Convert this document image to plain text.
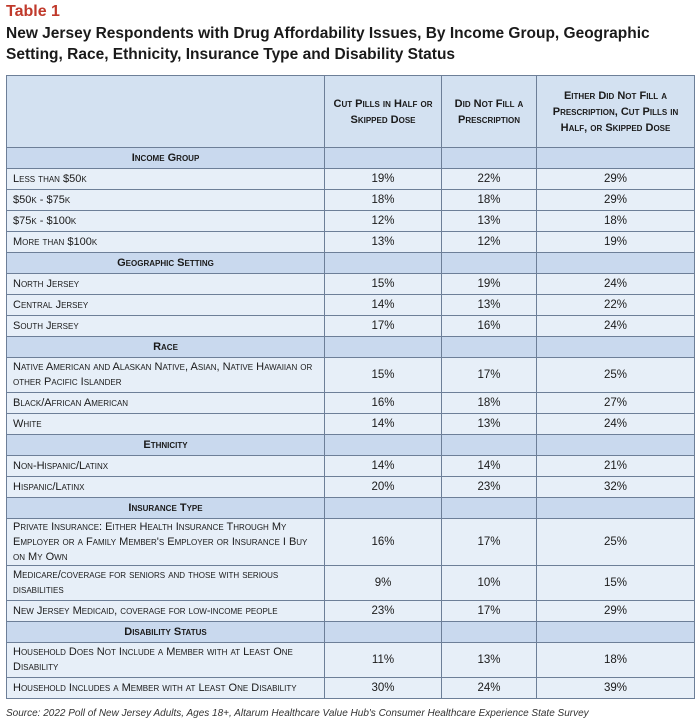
Table 1
New Jersey Respondents with Drug Affordability Issues, By Income Group, Geographic Setting, Race, Ethnicity, Insurance Type and Disability Status
	Cut Pills in Half or Skipped Dose	Did Not Fill a Prescription	Either Did Not Fill a Prescription, Cut Pills in Half, or Skipped Dose
Income Group			
Less than $50k	19%	22%	29%
$50k - $75k	18%	18%	29%
$75k - $100k	12%	13%	18%
More than $100k	13%	12%	19%
Geographic Setting			
North Jersey	15%	19%	24%
Central Jersey	14%	13%	22%
South Jersey	17%	16%	24%
Race			
Native American and Alaskan Native, Asian, Native Hawaiian or other Pacific Islander	15%	17%	25%
Black/African American	16%	18%	27%
White	14%	13%	24%
Ethnicity			
Non-Hispanic/Latinx	14%	14%	21%
Hispanic/Latinx	20%	23%	32%
Insurance Type			
Private Insurance: Either Health Insurance Through My Employer or a Family Member's Employer or Insurance I Buy on My Own	16%	17%	25%
Medicare/coverage for seniors and those with serious disabilities	9%	10%	15%
New Jersey Medicaid, coverage for low-income people	23%	17%	29%
Disability Status			
Household Does Not Include a Member with at Least One Disability	11%	13%	18%
Household Includes a Member with at Least One Disability	30%	24%	39%
Source: 2022 Poll of New Jersey Adults, Ages 18+, Altarum Healthcare Value Hub's Consumer Healthcare Experience State Survey
